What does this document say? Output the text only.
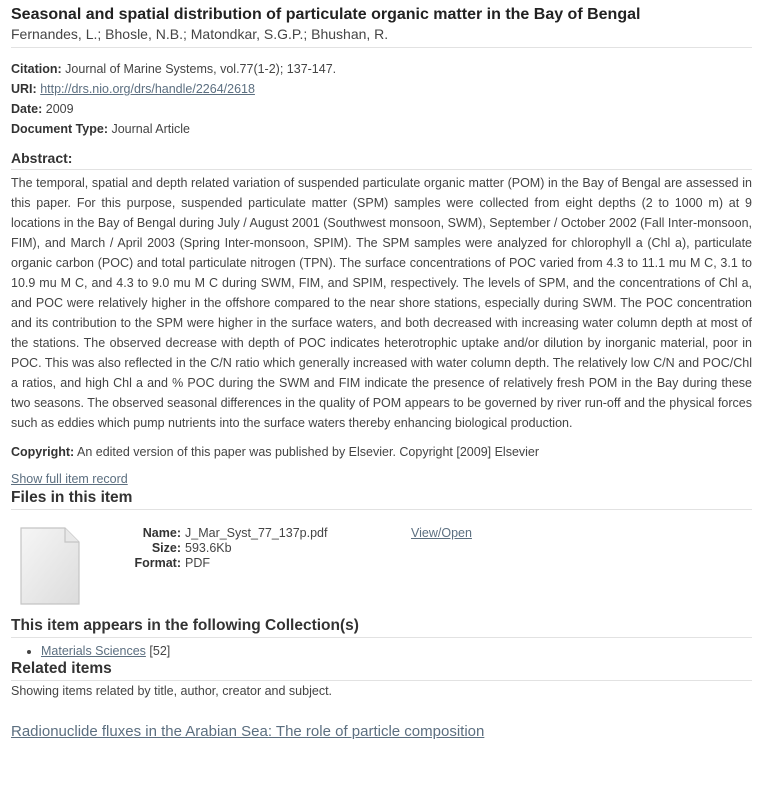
Seasonal and spatial distribution of particulate organic matter in the Bay of Bengal
Fernandes, L.; Bhosle, N.B.; Matondkar, S.G.P.; Bhushan, R.
Citation: Journal of Marine Systems, vol.77(1-2); 137-147.
URI: http://drs.nio.org/drs/handle/2264/2618
Date: 2009
Document Type: Journal Article
Abstract:
The temporal, spatial and depth related variation of suspended particulate organic matter (POM) in the Bay of Bengal are assessed in this paper. For this purpose, suspended particulate matter (SPM) samples were collected from eight depths (2 to 1000 m) at 9 locations in the Bay of Bengal during July / August 2001 (Southwest monsoon, SWM), September / October 2002 (Fall Inter-monsoon, FIM), and March / April 2003 (Spring Inter-monsoon, SPIM). The SPM samples were analyzed for chlorophyll a (Chl a), particulate organic carbon (POC) and total particulate nitrogen (TPN). The surface concentrations of POC varied from 4.3 to 11.1 mu M C, 3.1 to 10.9 mu M C, and 4.3 to 9.0 mu M C during SWM, FIM, and SPIM, respectively. The levels of SPM, and the concentrations of Chl a, and POC were relatively higher in the offshore compared to the near shore stations, especially during SWM. The POC concentration and its contribution to the SPM were higher in the surface waters, and both decreased with increasing water column depth at most of the stations. The observed decrease with depth of POC indicates heterotrophic uptake and/or dilution by inorganic material, poor in POC. This was also reflected in the C/N ratio which generally increased with water column depth. The relatively low C/N and POC/Chl a ratios, and high Chl a and % POC during the SWM and FIM indicate the presence of relatively fresh POM in the Bay during these two seasons. The observed seasonal differences in the quality of POM appears to be governed by river run-off and the physical forces such as eddies which pump nutrients into the surface waters thereby enhancing biological production.
Copyright: An edited version of this paper was published by Elsevier. Copyright [2009] Elsevier
Show full item record
Files in this item
Name: J_Mar_Syst_77_137p.pdf
Size: 593.6Kb
Format: PDF
View/Open
This item appears in the following Collection(s)
• Materials Sciences [52]
Related items
Showing items related by title, author, creator and subject.
Radionuclide fluxes in the Arabian Sea: The role of particle composition
